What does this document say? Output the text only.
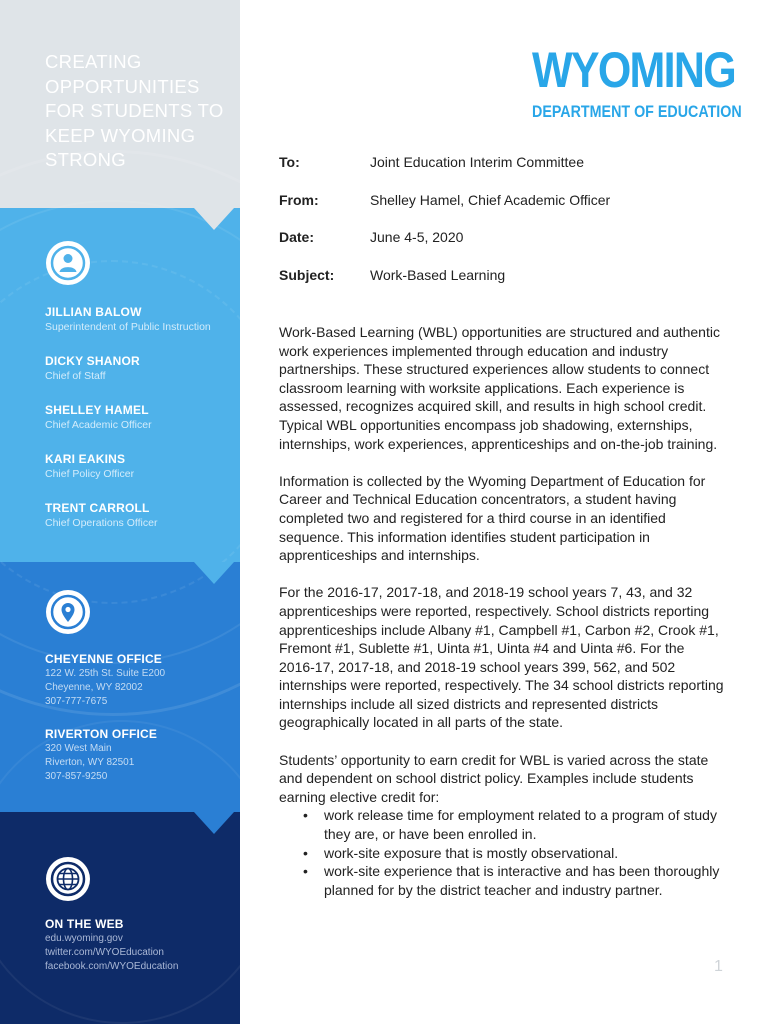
CREATING OPPORTUNITIES FOR STUDENTS TO KEEP WYOMING STRONG
JILLIAN BALOW
Superintendent of Public Instruction
DICKY SHANOR
Chief of Staff
SHELLEY HAMEL
Chief Academic Officer
KARI EAKINS
Chief Policy Officer
TRENT CARROLL
Chief Operations Officer
CHEYENNE OFFICE
122 W. 25th St. Suite E200
Cheyenne, WY 82002
307-777-7675
RIVERTON OFFICE
320 West Main
Riverton, WY 82501
307-857-9250
ON THE WEB
edu.wyoming.gov
twitter.com/WYOEducation
facebook.com/WYOEducation
WYOMING
DEPARTMENT OF EDUCATION
To:	Joint Education Interim Committee
From:	Shelley Hamel, Chief Academic Officer
Date:	June 4-5, 2020
Subject:	Work-Based Learning

Work-Based Learning (WBL) opportunities are structured and authentic work experiences implemented through education and industry partnerships. These structured experiences allow students to connect classroom learning with worksite applications. Each experience is assessed, recognizes acquired skill, and results in high school credit. Typical WBL opportunities encompass job shadowing, externships, internships, work experiences, apprenticeships and on-the-job training.

Information is collected by the Wyoming Department of Education for Career and Technical Education concentrators, a student having completed two and registered for a third course in an identified sequence. This information identifies student participation in apprenticeships and internships.

For the 2016-17, 2017-18, and 2018-19 school years 7, 43, and 32 apprenticeships were reported, respectively. School districts reporting apprenticeships include Albany #1, Campbell #1, Carbon #2, Crook #1, Fremont #1, Sublette #1, Uinta #1, Uinta #4 and Uinta #6. For the 2016-17, 2017-18, and 2018-19 school years 399, 562, and 502 internships were reported, respectively. The 34 school districts reporting internships include all sized districts and represented districts geographically located in all parts of the state.

Students’ opportunity to earn credit for WBL is varied across the state and dependent on school district policy. Examples include students earning elective credit for:

• work release time for employment related to a program of study they are, or have been enrolled in.
• work-site exposure that is mostly observational.
• work-site experience that is interactive and has been thoroughly planned for by the district teacher and industry partner.
1
